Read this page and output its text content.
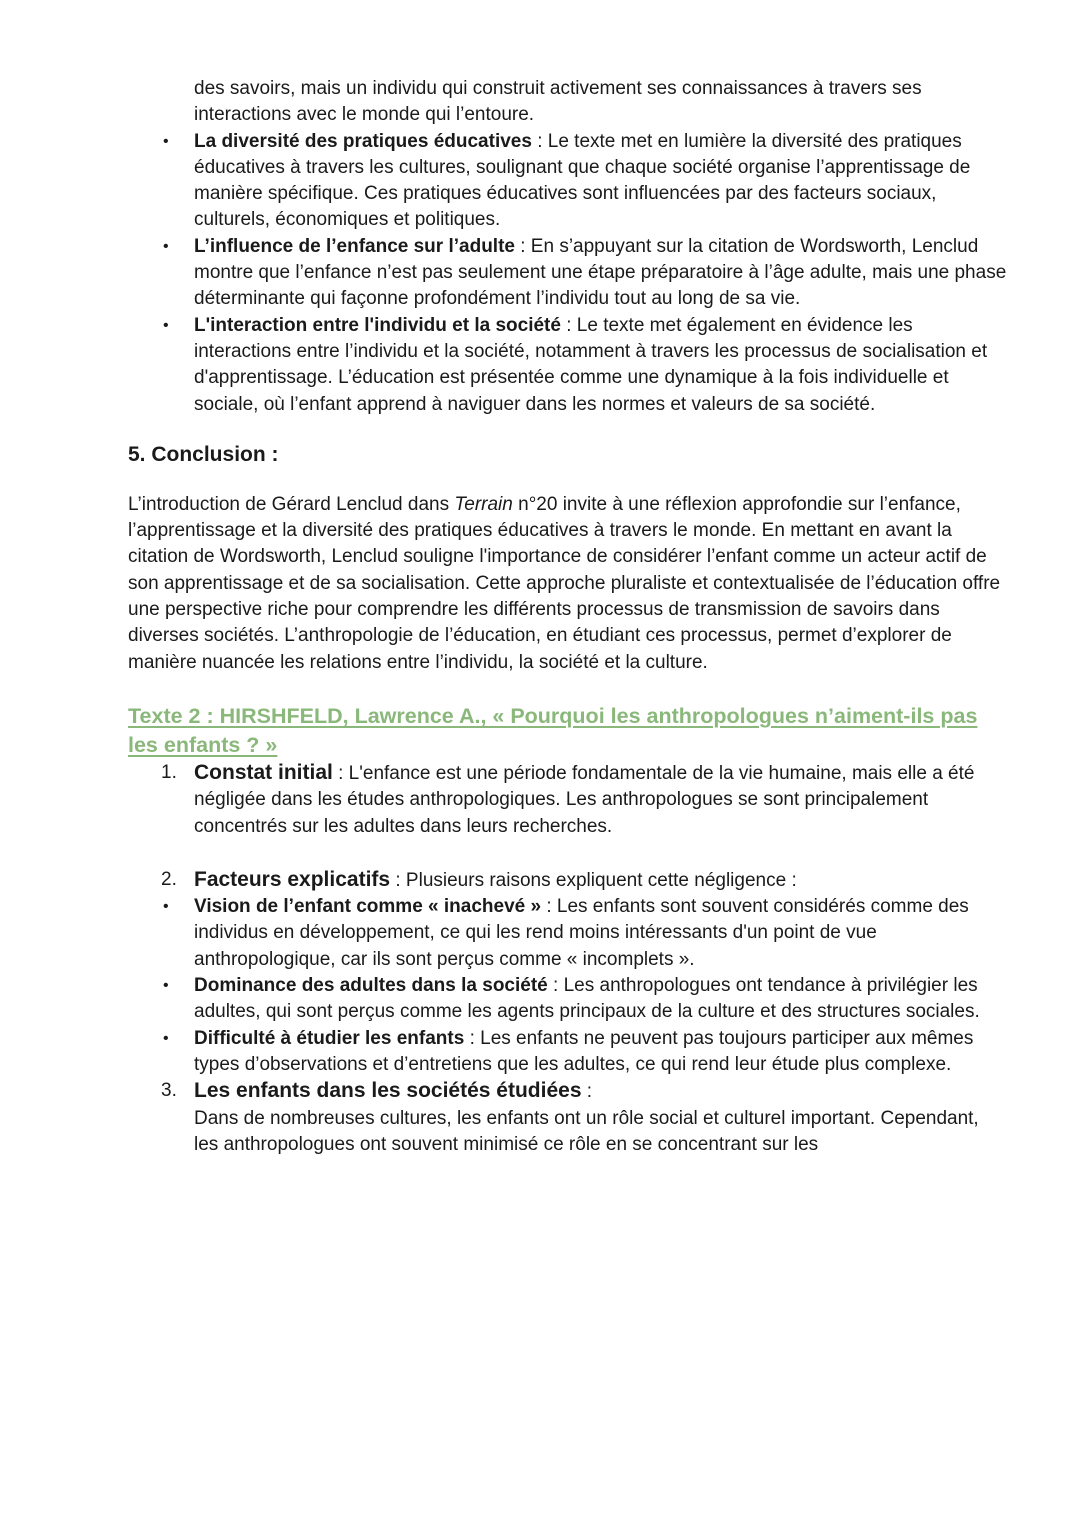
des savoirs, mais un individu qui construit activement ses connaissances à travers ses interactions avec le monde qui l’entoure.
• La diversité des pratiques éducatives : Le texte met en lumière la diversité des pratiques éducatives à travers les cultures, soulignant que chaque société organise l’apprentissage de manière spécifique. Ces pratiques éducatives sont influencées par des facteurs sociaux, culturels, économiques et politiques.
• L’influence de l’enfance sur l’adulte : En s’appuyant sur la citation de Wordsworth, Lenclud montre que l’enfance n’est pas seulement une étape préparatoire à l’âge adulte, mais une phase déterminante qui façonne profondément l’individu tout au long de sa vie.
• L'interaction entre l'individu et la société : Le texte met également en évidence les interactions entre l’individu et la société, notamment à travers les processus de socialisation et d'apprentissage. L’éducation est présentée comme une dynamique à la fois individuelle et sociale, où l’enfant apprend à naviguer dans les normes et valeurs de sa société.
5. Conclusion :

L’introduction de Gérard Lenclud dans Terrain n°20 invite à une réflexion approfondie sur l’enfance, l’apprentissage et la diversité des pratiques éducatives à travers le monde. En mettant en avant la citation de Wordsworth, Lenclud souligne l'importance de considérer l’enfant comme un acteur actif de son apprentissage et de sa socialisation. Cette approche pluraliste et contextualisée de l’éducation offre une perspective riche pour comprendre les différents processus de transmission de savoirs dans diverses sociétés. L’anthropologie de l’éducation, en étudiant ces processus, permet d’explorer de manière nuancée les relations entre l’individu, la société et la culture.

Texte 2 : HIRSHFELD, Lawrence A., « Pourquoi les anthropologues n’aiment-ils pas les enfants ? »
1. Constat initial : L'enfance est une période fondamentale de la vie humaine, mais elle a été négligée dans les études anthropologiques. Les anthropologues se sont principalement concentrés sur les adultes dans leurs recherches.
2. Facteurs explicatifs : Plusieurs raisons expliquent cette négligence :
• Vision de l’enfant comme « inachevé » : Les enfants sont souvent considérés comme des individus en développement, ce qui les rend moins intéressants d'un point de vue anthropologique, car ils sont perçus comme « incomplets ».
• Dominance des adultes dans la société : Les anthropologues ont tendance à privilégier les adultes, qui sont perçus comme les agents principaux de la culture et des structures sociales.
• Difficulté à étudier les enfants : Les enfants ne peuvent pas toujours participer aux mêmes types d’observations et d’entretiens que les adultes, ce qui rend leur étude plus complexe.
3. Les enfants dans les sociétés étudiées :
Dans de nombreuses cultures, les enfants ont un rôle social et culturel important. Cependant, les anthropologues ont souvent minimisé ce rôle en se concentrant sur les
